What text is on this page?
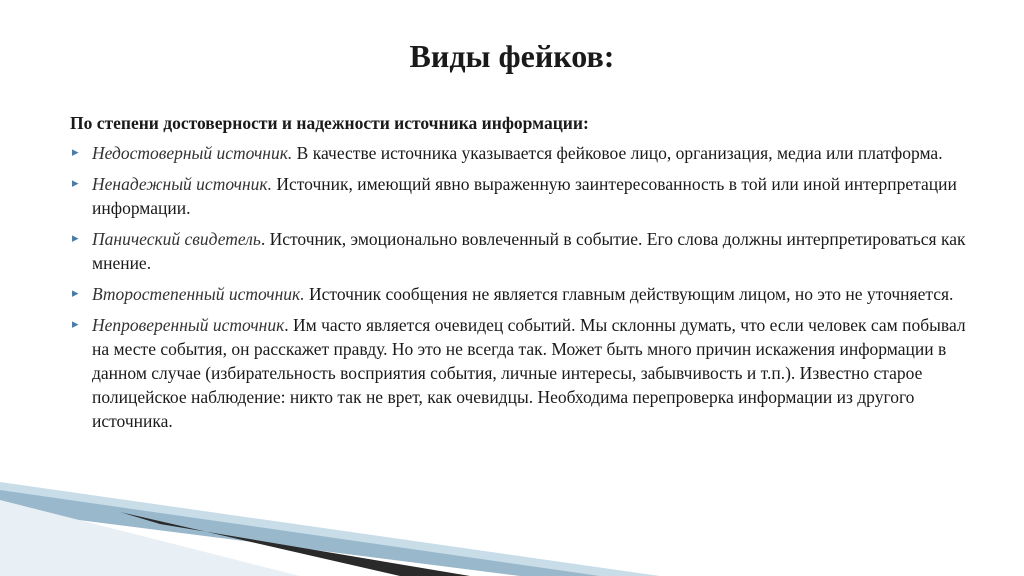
Виды фейков:
По степени достоверности и надежности источника информации:
▸ Недостоверный источник. В качестве источника указывается фейковое лицо, организация, медиа или платформа.
▸ Ненадежный источник. Источник, имеющий явно выраженную заинтересованность в той или иной интерпретации информации.
▸ Панический свидетель. Источник, эмоционально вовлеченный в событие. Его слова должны интерпретироваться как мнение.
▸ Второстепенный источник. Источник сообщения не является главным действующим лицом, но это не уточняется.
▸ Непроверенный источник. Им часто является очевидец событий. Мы склонны думать, что если человек сам побывал на месте события, он расскажет правду. Но это не всегда так. Может быть много причин искажения информации в данном случае (избирательность восприятия события, личные интересы, забывчивость и т.п.). Известно старое полицейское наблюдение: никто так не врет, как очевидцы. Необходима перепроверка информации из другого источника.
